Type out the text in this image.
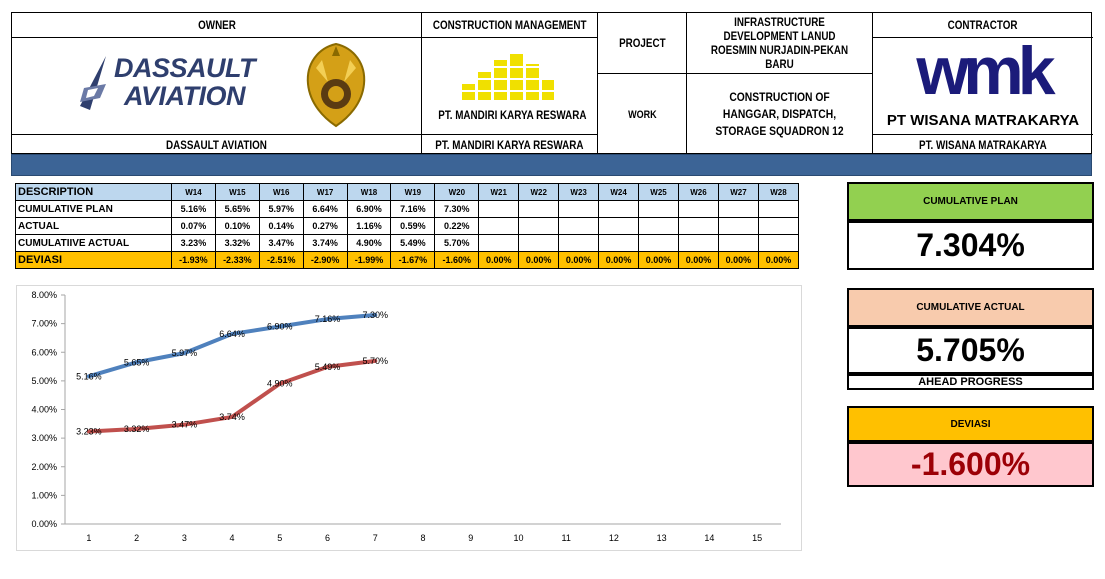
OWNER
DASSAULT
AVIATION
DASSAULT AVIATION
CONSTRUCTION MANAGEMENT
PT. MANDIRI KARYA RESWARA
PT. MANDIRI KARYA RESWARA
PROJECT
INFRASTRUCTURE DEVELOPMENT LANUD ROESMIN NURJADIN-PEKAN BARU
WORK
CONSTRUCTION OF HANGGAR, DISPATCH, STORAGE SQUADRON 12
CONTRACTOR
wmk
PT WISANA MATRAKARYA
PT. WISANA MATRAKARYA
DESCRIPTION	W14	W15	W16	W17	W18	W19	W20	W21	W22	W23	W24	W25	W26	W27	W28
CUMULATIVE PLAN	5.16%	5.65%	5.97%	6.64%	6.90%	7.16%	7.30%								
ACTUAL	0.07%	0.10%	0.14%	0.27%	1.16%	0.59%	0.22%								
CUMULATIIVE ACTUAL	3.23%	3.32%	3.47%	3.74%	4.90%	5.49%	5.70%								
DEVIASI	-1.93%	-2.33%	-2.51%	-2.90%	-1.99%	-1.67%	-1.60%	0.00%	0.00%	0.00%	0.00%	0.00%	0.00%	0.00%	0.00%
0.00%
1.00%
2.00%
3.00%
4.00%
5.00%
6.00%
7.00%
8.00%
1	2	3	4	5	6	7	8	9	10	11	12	13	14	15
5.16%
5.65%
5.97%
6.64%
6.90%
7.16% 7.30%
3.23% 3.32% 3.47%
3.74%
4.90%
5.49%
5.70%
CUMULATIVE PLAN
7.304%
CUMULATIVE ACTUAL
5.705%
AHEAD PROGRESS
DEVIASI
-1.600%
